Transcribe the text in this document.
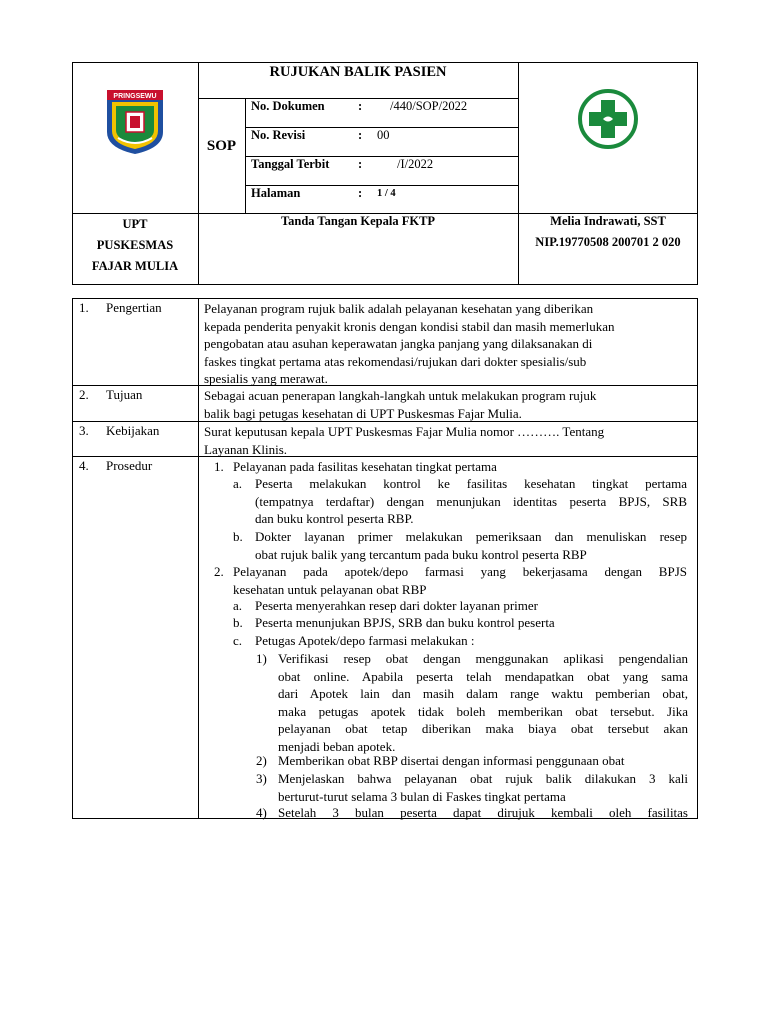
PRINGSEWU
RUJUKAN BALIK PASIEN
SOP
No. Dokumen	: /440/SOP/2022
No. Revisi	: 00
Tanggal Terbit :	/I/2022
Halaman	: 1 / 4
UPT
PUSKESMAS
FAJAR MULIA
Tanda Tangan Kepala FKTP	Melia Indrawati, SST
NIP.19770508 200701 2 020
1. Pengertian	Pelayanan program rujuk balik adalah pelayanan kesehatan yang diberikan
kepada penderita penyakit kronis dengan kondisi stabil dan masih memerlukan
pengobatan atau asuhan keperawatan jangka panjang yang dilaksanakan di
faskes tingkat pertama atas rekomendasi/rujukan dari dokter spesialis/sub
spesialis yang merawat.
2. Tujuan	Sebagai acuan penerapan langkah-langkah untuk melakukan program rujuk
balik bagi petugas kesehatan di UPT Puskesmas Fajar Mulia.
3. Kebijakan	Surat keputusan kepala UPT Puskesmas Fajar Mulia nomor ………. Tentang
Layanan Klinis.
4. Prosedur	1. Pelayanan pada fasilitas kesehatan tingkat pertama
a. Peserta melakukan kontrol ke fasilitas kesehatan tingkat pertama
(tempatnya terdaftar) dengan menunjukan identitas peserta BPJS, SRB
dan buku kontrol peserta RBP.
b. Dokter layanan primer melakukan pemeriksaan dan menuliskan resep
obat rujuk balik yang tercantum pada buku kontrol peserta RBP
2. Pelayanan pada apotek/depo farmasi yang bekerjasama dengan BPJS
kesehatan untuk pelayanan obat RBP
a. Peserta menyerahkan resep dari dokter layanan primer
b. Peserta menunjukan BPJS, SRB dan buku kontrol peserta
c. Petugas Apotek/depo farmasi melakukan :
1) Verifikasi resep obat dengan menggunakan aplikasi pengendalian
obat online. Apabila peserta telah mendapatkan obat yang sama
dari Apotek lain dan masih dalam range waktu pemberian obat,
maka petugas apotek tidak boleh memberikan obat tersebut. Jika
pelayanan obat tetap diberikan maka biaya obat tersebut akan
menjadi beban apotek.
2) Memberikan obat RBP disertai dengan informasi penggunaan obat
3) Menjelaskan bahwa pelayanan obat rujuk balik dilakukan 3 kali
berturut-turut selama 3 bulan di Faskes tingkat pertama
4) Setelah 3 bulan peserta dapat dirujuk kembali oleh fasilitas
